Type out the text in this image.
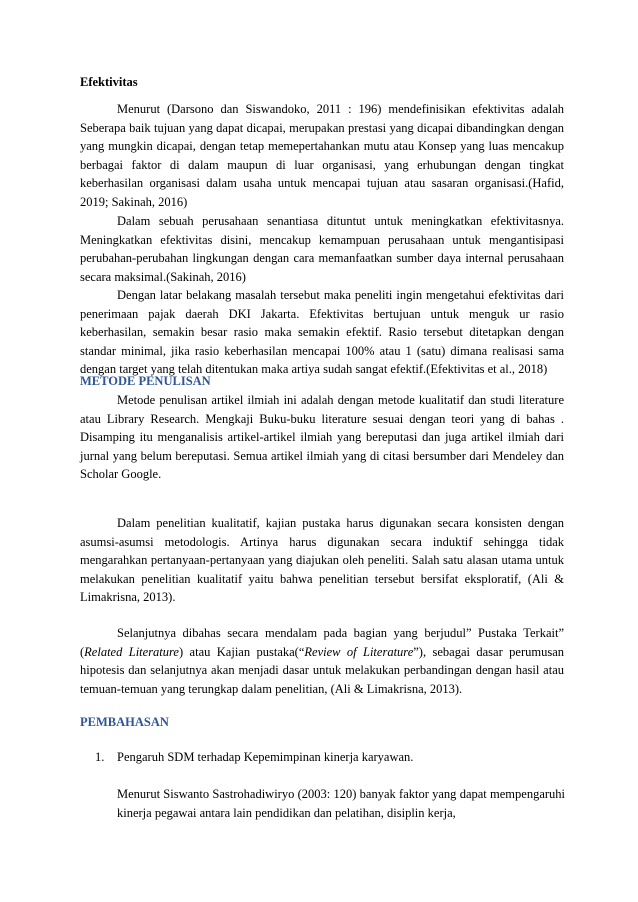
Efektivitas

Menurut (Darsono dan Siswandoko, 2011 : 196) mendefinisikan efektivitas adalah Seberapa baik tujuan yang dapat dicapai, merupakan prestasi yang dicapai dibandingkan dengan yang mungkin dicapai, dengan tetap memepertahankan mutu atau Konsep yang luas mencakup berbagai faktor di dalam maupun di luar organisasi, yang erhubungan dengan tingkat keberhasilan organisasi dalam usaha untuk mencapai tujuan atau sasaran organisasi.(Hafid, 2019; Sakinah, 2016)

Dalam sebuah perusahaan senantiasa dituntut untuk meningkatkan efektivitasnya. Meningkatkan efektivitas disini, mencakup kemampuan perusahaan untuk mengantisipasi perubahan-perubahan lingkungan dengan cara memanfaatkan sumber daya internal perusahaan secara maksimal.(Sakinah, 2016)

Dengan latar belakang masalah tersebut maka peneliti ingin mengetahui efektivitas dari penerimaan pajak daerah DKI Jakarta. Efektivitas bertujuan untuk menguk ur rasio keberhasilan, semakin besar rasio maka semakin efektif. Rasio tersebut ditetapkan dengan standar minimal, jika rasio keberhasilan mencapai 100% atau 1 (satu) dimana realisasi sama dengan target yang telah ditentukan maka artiya sudah sangat efektif.(Efektivitas et al., 2018)

METODE PENULISAN

Metode penulisan artikel ilmiah ini adalah dengan metode kualitatif dan studi literature atau Library Research. Mengkaji Buku-buku literature sesuai dengan teori yang di bahas . Disamping itu menganalisis artikel-artikel ilmiah yang bereputasi dan juga artikel ilmiah dari jurnal yang belum bereputasi. Semua artikel ilmiah yang di citasi bersumber dari Mendeley dan Scholar Google.

Dalam penelitian kualitatif, kajian pustaka harus digunakan secara konsisten dengan asumsi-asumsi metodologis. Artinya harus digunakan secara induktif sehingga tidak mengarahkan pertanyaan-pertanyaan yang diajukan oleh peneliti. Salah satu alasan utama untuk melakukan penelitian kualitatif yaitu bahwa penelitian tersebut bersifat eksploratif, (Ali & Limakrisna, 2013).

Selanjutnya dibahas secara mendalam pada bagian yang berjudul” Pustaka Terkait” (Related Literature) atau Kajian pustaka(“Review of Literature”), sebagai dasar perumusan hipotesis dan selanjutnya akan menjadi dasar untuk melakukan perbandingan dengan hasil atau temuan-temuan yang terungkap dalam penelitian, (Ali & Limakrisna, 2013).

PEMBAHASAN
1. Pengaruh SDM terhadap Kepemimpinan kinerja karyawan.

Menurut Siswanto Sastrohadiwiryo (2003: 120) banyak faktor yang dapat mempengaruhi kinerja pegawai antara lain pendidikan dan pelatihan, disiplin kerja,
